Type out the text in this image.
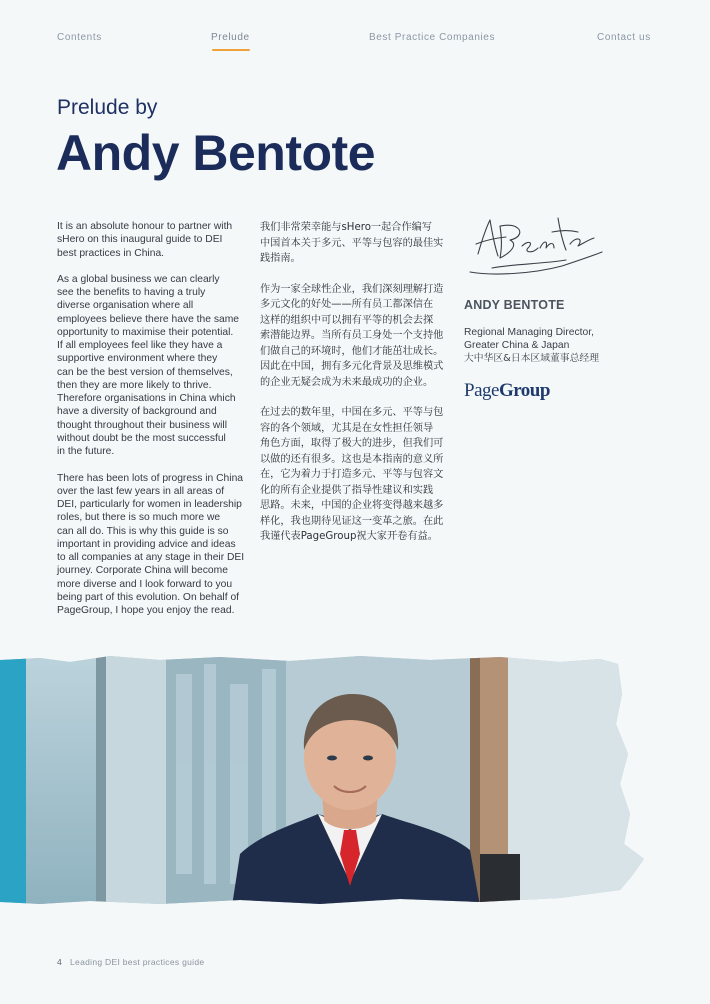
Contents	Prelude	Best Practice Companies	Contact us
Prelude by
Andy Bentote

It is an absolute honour to partner with
sHero on this inaugural guide to DEI
best practices in China.

As a global business we can clearly
see the benefits to having a truly
diverse organisation where all
employees believe there have the same
opportunity to maximise their potential.
If all employees feel like they have a
supportive environment where they
can be the best version of themselves,
then they are more likely to thrive.
Therefore organisations in China which
have a diversity of background and
thought throughout their business will
without doubt be the most successful
in the future.

There has been lots of progress in China
over the last few years in all areas of
DEI, particularly for women in leadership
roles, but there is so much more we
can all do. This is why this guide is so
important in providing advice and ideas
to all companies at any stage in their DEI
journey. Corporate China will become
more diverse and I look forward to you
being part of this evolution. On behalf of
PageGroup, I hope you enjoy the read.

我们非常荣幸能与sHero一起合作编写
中国首本关于多元、平等与包容的最佳实
践指南。

作为一家全球性企业，我们深刻理解打造
多元文化的好处——所有员工都深信在
这样的组织中可以拥有平等的机会去探
索潜能边界。当所有员工身处一个支持他
们做自己的环境时，他们才能茁壮成长。
因此在中国，拥有多元化背景及思维模式
的企业无疑会成为未来最成功的企业。

在过去的数年里，中国在多元、平等与包
容的各个领域，尤其是在女性担任领导
角色方面，取得了极大的进步，但我们可
以做的还有很多。这也是本指南的意义所
在，它为着力于打造多元、平等与包容文
化的所有企业提供了指导性建议和实践
思路。未来，中国的企业将变得越来越多
样化，我也期待见证这一变革之旅。在此
我谨代表PageGroup祝大家开卷有益。

ANDY BENTOTE
Regional Managing Director,
Greater China & Japan
大中华区&日本区域董事总经理
PageGroup
4 Leading DEI best practices guide
